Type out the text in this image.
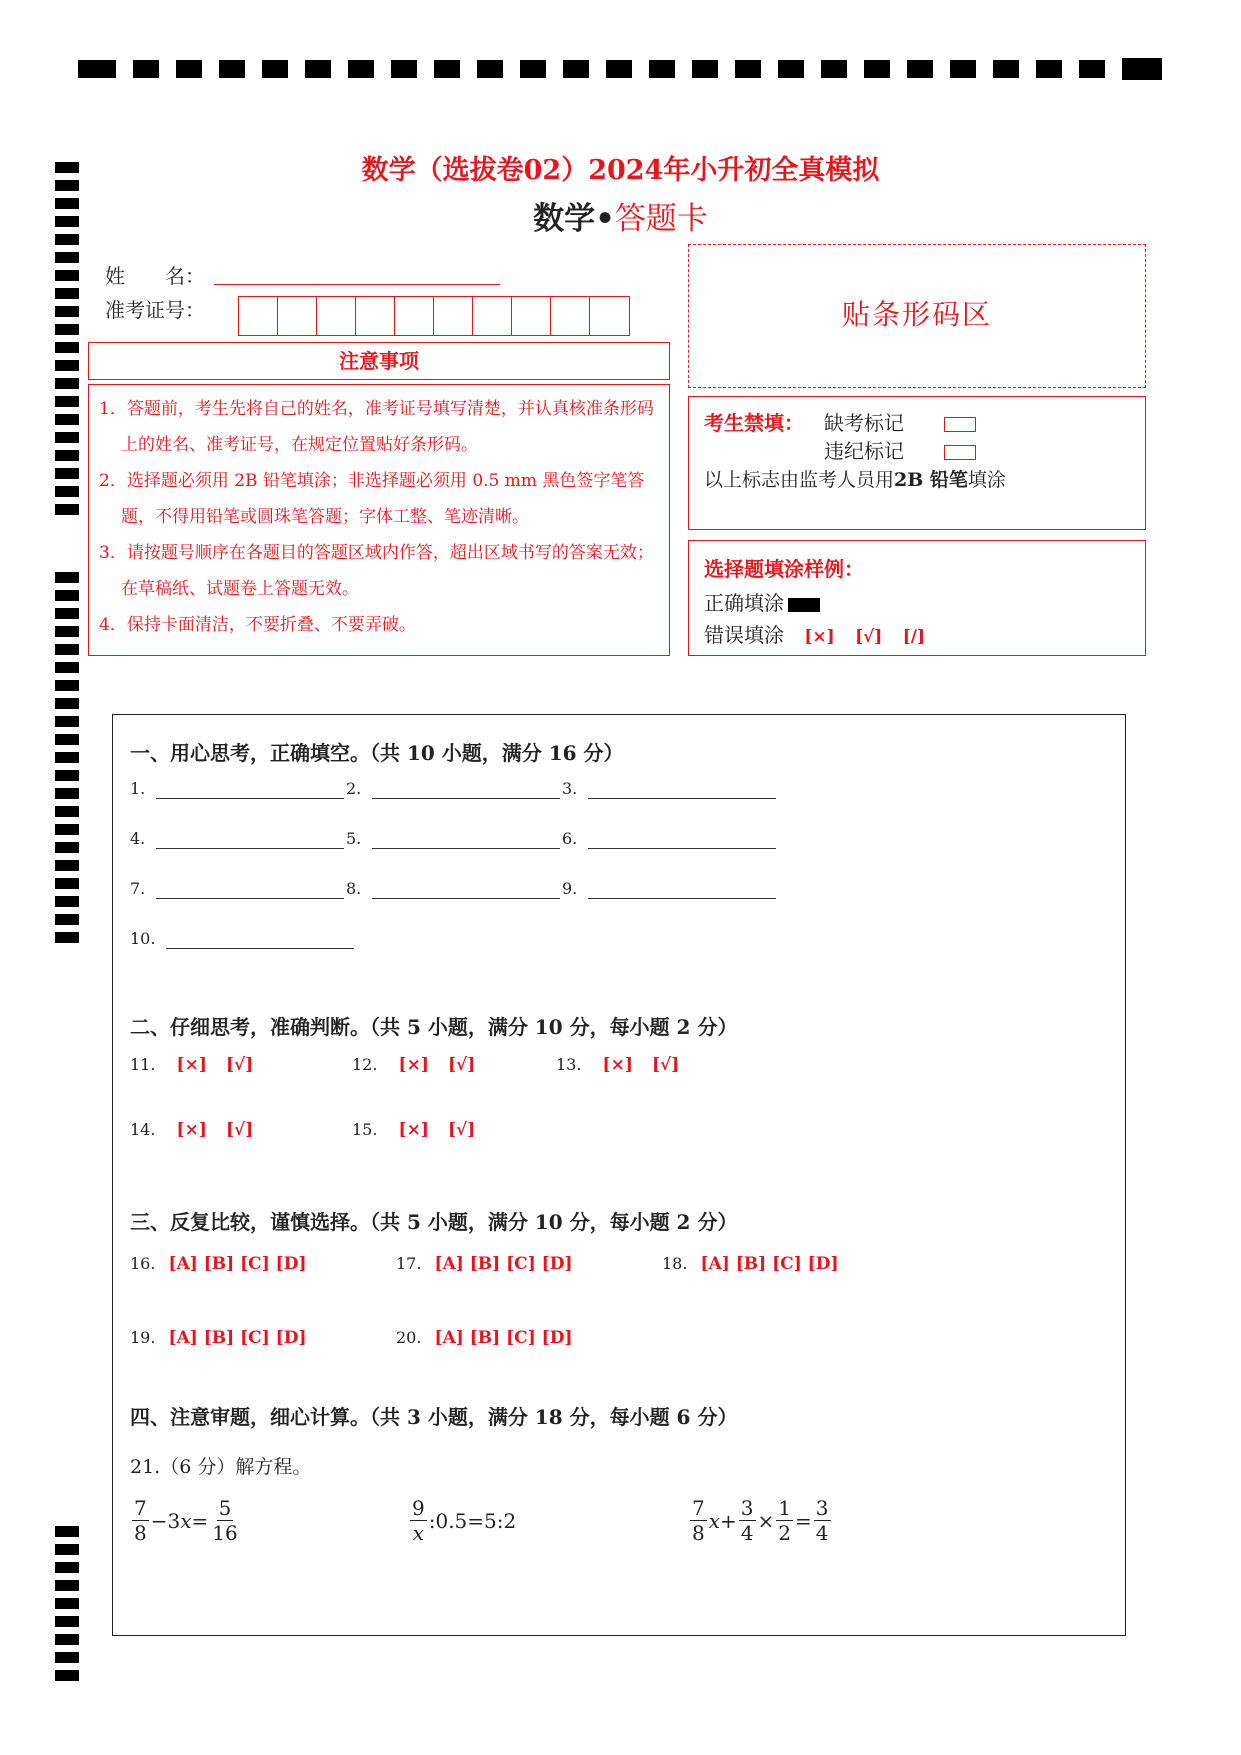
数学（选拔卷02）2024年小升初全真模拟
数学•答题卡
姓　　名：
准考证号：
注意事项

1．答题前，考生先将自己的姓名，准考证号填写清楚，并认真核准条形码上的姓名、准考证号，在规定位置贴好条形码。

2．选择题必须用 2B 铅笔填涂；非选择题必须用 0.5 mm 黑色签字笔答题，不得用铅笔或圆珠笔答题；字体工整、笔迹清晰。

3．请按题号顺序在各题目的答题区域内作答，超出区域书写的答案无效；在草稿纸、试题卷上答题无效。

4．保持卡面清洁，不要折叠、不要弄破。

贴条形码区
考生禁填： 缺考标记
违纪标记
以上标志由监考人员用2B 铅笔填涂
选择题填涂样例：
正确填涂
错误填涂 [×] [√] [/]
一、用心思考，正确填空。（共 10 小题，满分 16 分）
1.	2.	3.
4.	5.	6.
7.	8.	9.
10.
二、仔细思考，准确判断。（共 5 小题，满分 10 分，每小题 2 分）
11. [×] [√]	12. [×] [√]	13. [×] [√]
14. [×] [√]	15. [×] [√]
三、反复比较，谨慎选择。（共 5 小题，满分 10 分，每小题 2 分）
16. [A] [B] [C] [D]	17. [A] [B] [C] [D]	18. [A] [B] [C] [D]
19. [A] [B] [C] [D]	20. [A] [B] [C] [D]
四、注意审题，细心计算。（共 3 小题，满分 18 分，每小题 6 分）
21.（6 分）解方程。
$\frac{7}{8} -3x= \frac{5}{16}$	$\frac{9}{x}$ :0.5=5:2	$\frac{7}{8} x+ \frac{3}{4} \times \frac{1}{2} = \frac{3}{4}$
